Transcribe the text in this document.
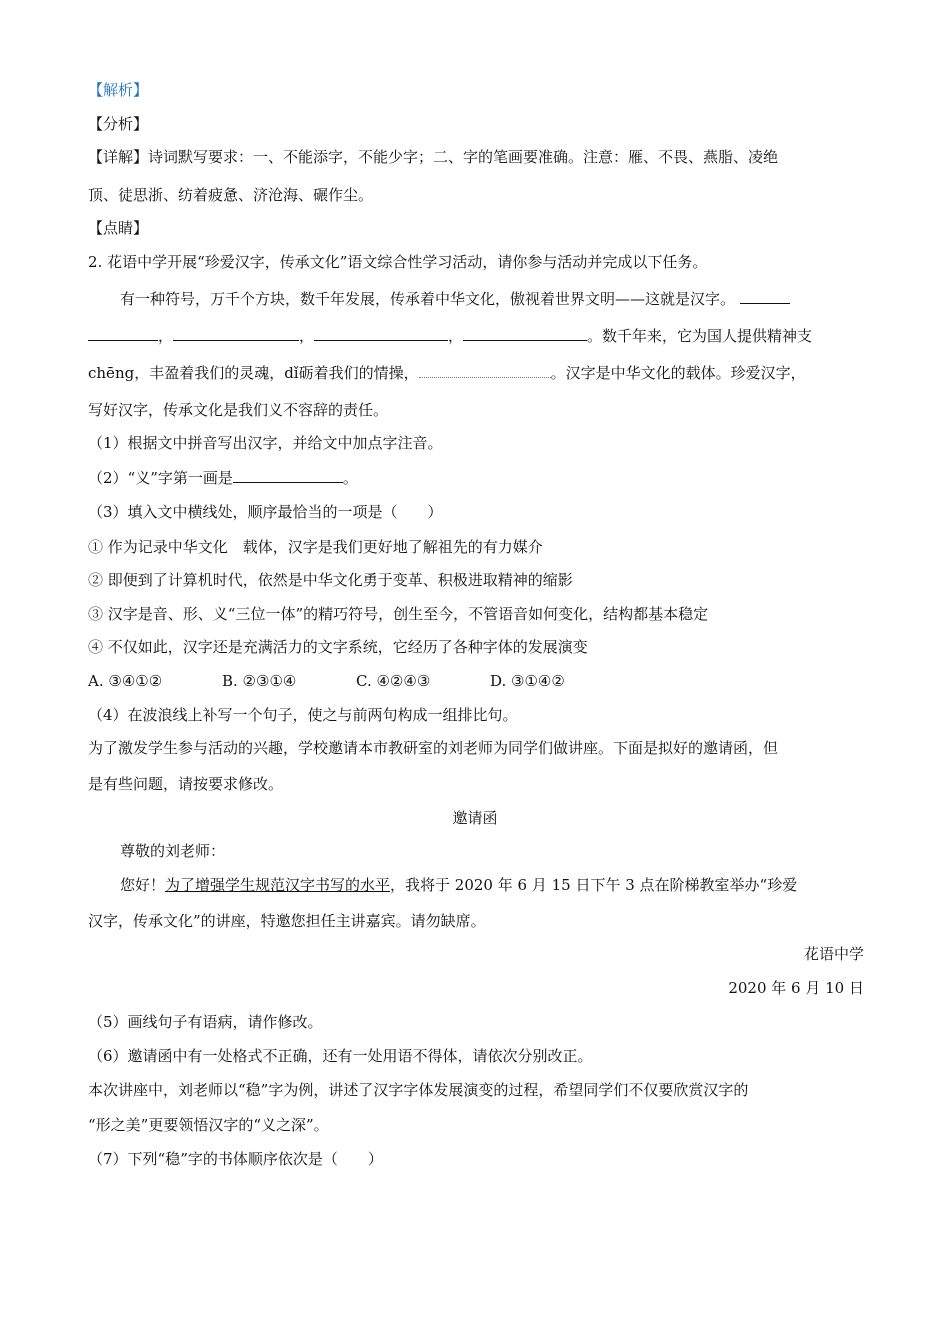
【解析】
【分析】
【详解】诗词默写要求：一、不能添字，不能少字；二、字的笔画要准确。注意：雁、不畏、燕脂、凌绝
顶、徒思浙、纺着疲惫、济沧海、碾作尘。
【点睛】
2. 花语中学开展“珍爱汉字，传承文化”语文综合性学习活动，请你参与活动并完成以下任务。
有一种符号，万千个方块，数千年发展，传承着中华文化，傲视着世界文明——这就是汉字。
，	，	，	。数千年来，它为国人提供精神支
chēng，丰盈着我们的灵魂，dǐ砺着我们的情操，	。汉字是中华文化的载体。珍爱汉字，
写好汉字，传承文化是我们义不容辞的责任。
（1）根据文中拼音写出汉字，并给文中加点字注音。
（2）“义”字第一画是	。
（3）填入文中横线处，顺序最恰当的一项是（　　）
① 作为记录中华文化　载体，汉字是我们更好地了解祖先的有力媒介
② 即便到了计算机时代，依然是中华文化勇于变革、积极进取精神的缩影
③ 汉字是音、形、义“三位一体”的精巧符号，创生至今，不管语音如何变化，结构都基本稳定
④ 不仅如此，汉字还是充满活力的文字系统，它经历了各种字体的发展演变
A. ③④①②	B. ②③①④	C. ④②④③	D. ③①④②
（4）在波浪线上补写一个句子，使之与前两句构成一组排比句。
为了激发学生参与活动的兴趣，学校邀请本市教研室的刘老师为同学们做讲座。下面是拟好的邀请函，但
是有些问题，请按要求修改。
邀请函
尊敬的刘老师：
您好！为了增强学生规范汉字书写的水平，我将于 2020 年 6 月 15 日下午 3 点在阶梯教室举办“珍爱
汉字，传承文化”的讲座，特邀您担任主讲嘉宾。请勿缺席。
花语中学
2020 年 6 月 10 日
（5）画线句子有语病，请作修改。
（6）邀请函中有一处格式不正确，还有一处用语不得体，请依次分别改正。
本次讲座中，刘老师以“稳”字为例，讲述了汉字字体发展演变的过程，希望同学们不仅要欣赏汉字的
“形之美”更要领悟汉字的“义之深”。
（7）下列“稳”字的书体顺序依次是（　　）
